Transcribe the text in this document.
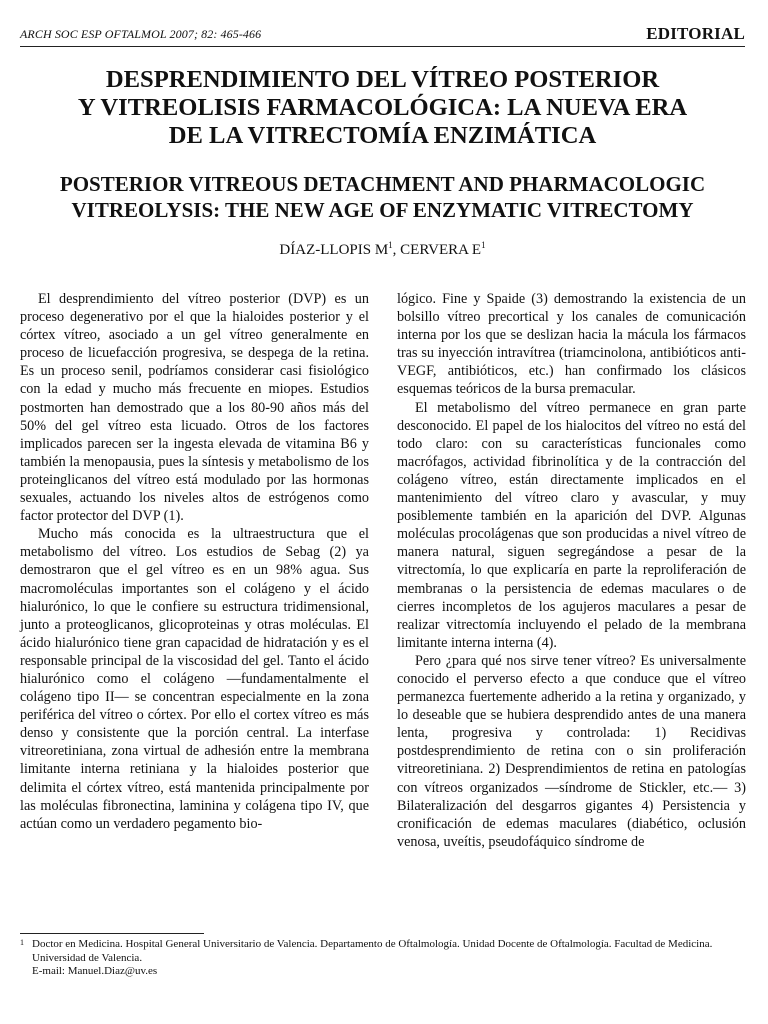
ARCH SOC ESP OFTALMOL 2007; 82: 465-466	EDITORIAL
DESPRENDIMIENTO DEL VÍTREO POSTERIOR
Y VITREOLISIS FARMACOLÓGICA: LA NUEVA ERA
DE LA VITRECTOMÍA ENZIMÁTICA
POSTERIOR VITREOUS DETACHMENT AND PHARMACOLOGIC
VITREOLYSIS: THE NEW AGE OF ENZYMATIC VITRECTOMY
DÍAZ-LLOPIS $M^1$, CERVERA $E^1$

El desprendimiento del vítreo posterior (DVP) es un proceso degenerativo por el que la hialoides posterior y el córtex vítreo, asociado a un gel vítreo generalmente en proceso de licuefacción progresiva, se despega de la retina. Es un proceso senil, podríamos considerar casi fisiológico con la edad y mucho más frecuente en miopes. Estudios postmorten han demostrado que a los 80-90 años más del 50% del gel vítreo esta licuado. Otros de los factores implicados parecen ser la ingesta elevada de vitamina B6 y también la menopausia, pues la síntesis y metabolismo de los proteinglicanos del vítreo está modulado por las hormonas sexuales, actuando los niveles altos de estrógenos como factor protector del DVP (1).

Mucho más conocida es la ultraestructura que el metabolismo del vítreo. Los estudios de Sebag (2) ya demostraron que el gel vítreo es en un 98% agua. Sus macromoléculas importantes son el colágeno y el ácido hialurónico, lo que le confiere su estructura tridimensional, junto a proteoglicanos, glicoproteinas y otras moléculas. El ácido hialurónico tiene gran capacidad de hidratación y es el responsable principal de la viscosidad del gel. Tanto el ácido hialurónico como el colágeno —fundamentalmente el colágeno tipo II— se concentran especialmente en la zona periférica del vítreo o córtex. Por ello el cortex vítreo es más denso y consistente que la porción central. La interfase vitreoretiniana, zona virtual de adhesión entre la membrana limitante interna retiniana y la hialoides posterior que delimita el córtex vítreo, está mantenida principalmente por las moléculas fibronectina, laminina y colágena tipo IV, que actúan como un verdadero pegamento bio-

lógico. Fine y Spaide (3) demostrando la existencia de un bolsillo vítreo precortical y los canales de comunicación interna por los que se deslizan hacia la mácula los fármacos tras su inyección intravítrea (triamcinolona, antibióticos anti-VEGF, antibióticos, etc.) han confirmado los clásicos esquemas teóricos de la bursa premacular.

El metabolismo del vítreo permanece en gran parte desconocido. El papel de los hialocitos del vítreo no está del todo claro: con su características funcionales como macrófagos, actividad fibrinolítica y de la contracción del colágeno vítreo, están directamente implicados en el mantenimiento del vítreo claro y avascular, y muy posiblemente también en la aparición del DVP. Algunas moléculas procolágenas que son producidas a nivel vítreo de manera natural, siguen segregándose a pesar de la vitrectomía, lo que explicaría en parte la reproliferación de membranas o la persistencia de edemas maculares o de cierres incompletos de los agujeros maculares a pesar de realizar vitrectomía incluyendo el pelado de la membrana limitante interna interna (4).

Pero ¿para qué nos sirve tener vítreo? Es universalmente conocido el perverso efecto a que conduce que el vítreo permanezca fuertemente adherido a la retina y organizado, y lo deseable que se hubiera desprendido antes de una manera lenta, progresiva y controlada: 1) Recidivas postdesprendimiento de retina con o sin proliferación vitreoretiniana. 2) Desprendimientos de retina en patologías con vítreos organizados —síndrome de Stickler, etc.— 3) Bilateralización del desgarros gigantes 4) Persistencia y cronificación de edemas maculares (diabético, oclusión venosa, uveítis, pseudofáquico síndrome de

1 Doctor en Medicina. Hospital General Universitario de Valencia. Departamento de Oftalmología. Unidad Docente de Oftalmología. Facultad de Medicina. Universidad de Valencia.
E-mail: Manuel.Diaz@uv.es
